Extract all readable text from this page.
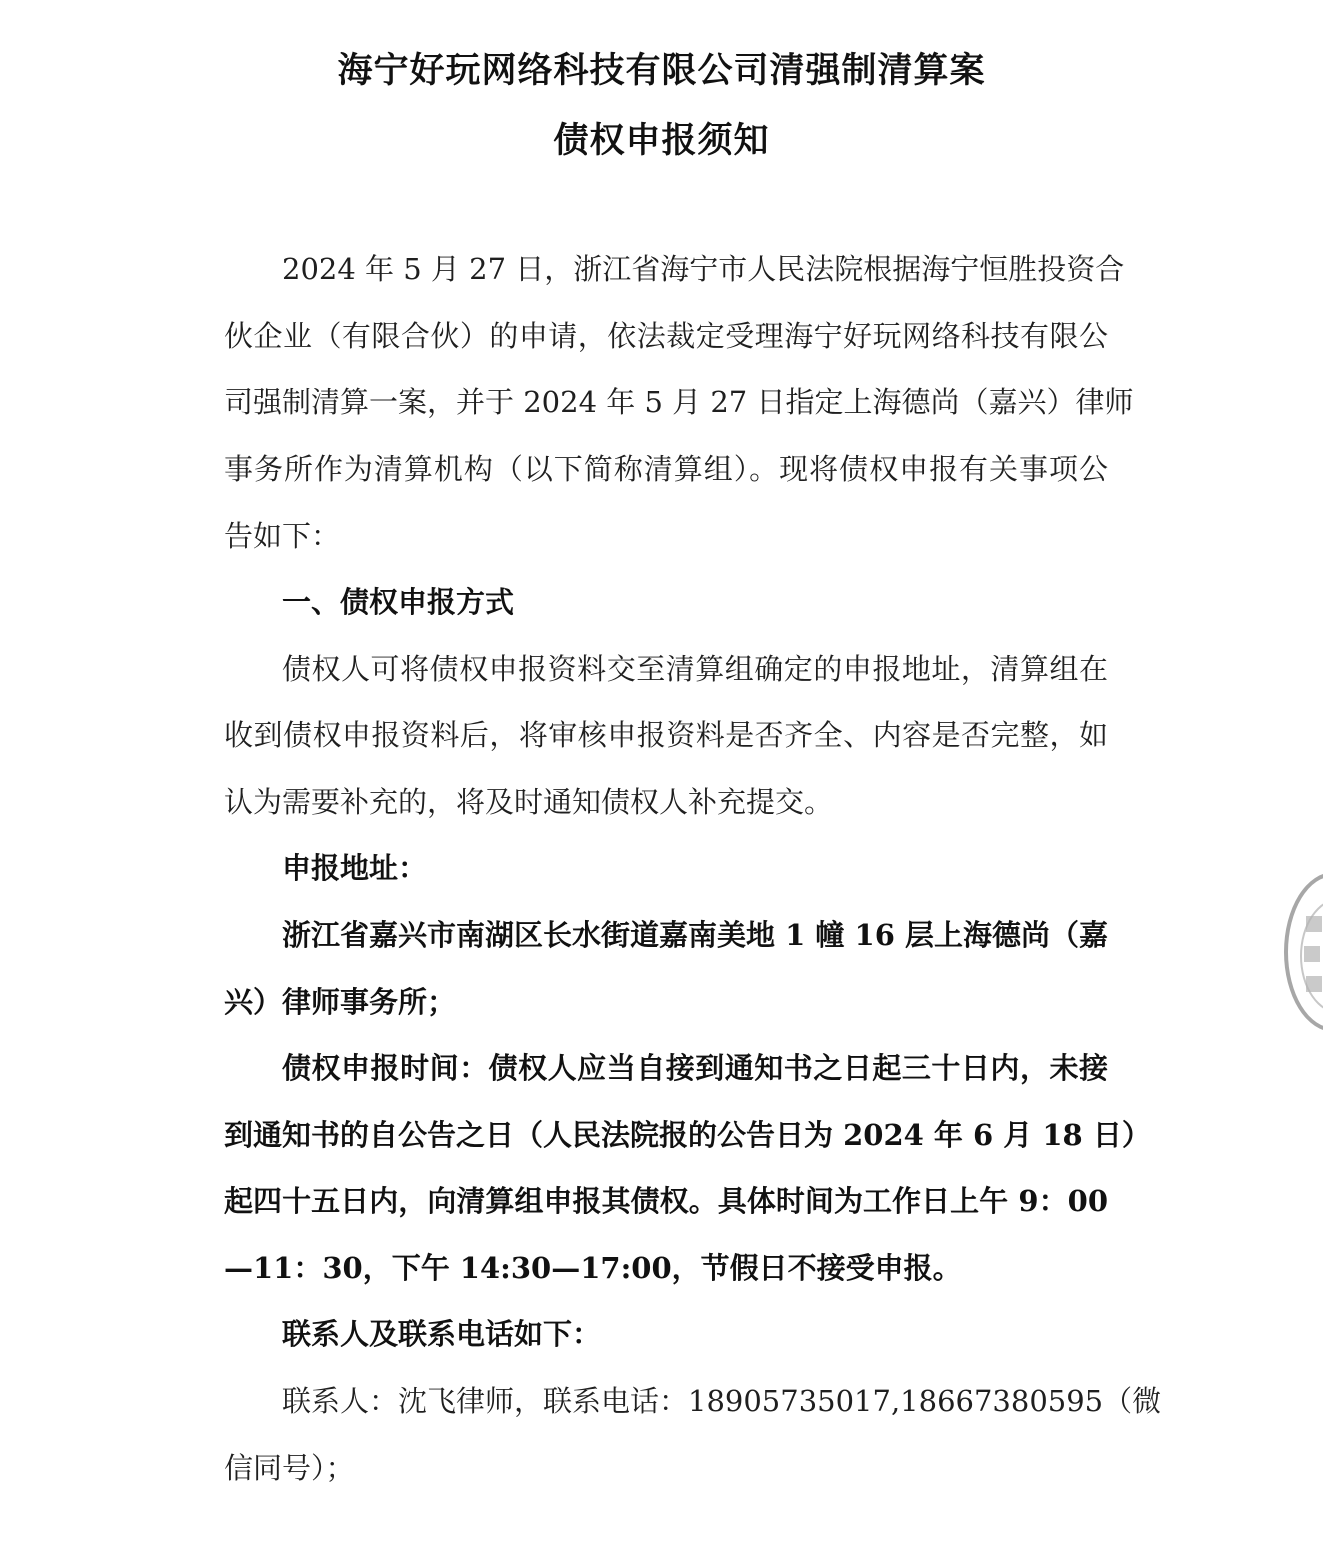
海宁好玩网络科技有限公司清强制清算案
债权申报须知
2024 年 5 月 27 日，浙江省海宁市人民法院根据海宁恒胜投资合
伙企业（有限合伙）的申请，依法裁定受理海宁好玩网络科技有限公
司强制清算一案，并于 2024 年 5 月 27 日指定上海德尚（嘉兴）律师
事务所作为清算机构（以下简称清算组）。现将债权申报有关事项公
告如下：
一、债权申报方式
债权人可将债权申报资料交至清算组确定的申报地址，清算组在
收到债权申报资料后，将审核申报资料是否齐全、内容是否完整，如
认为需要补充的，将及时通知债权人补充提交。
申报地址：
浙江省嘉兴市南湖区长水街道嘉南美地 1 幢 16 层上海德尚（嘉
兴）律师事务所；
债权申报时间：债权人应当自接到通知书之日起三十日内，未接
到通知书的自公告之日（人民法院报的公告日为 2024 年 6 月 18 日）
起四十五日内，向清算组申报其债权。具体时间为工作日上午 9：00
—11：30，下午 14:30—17:00，节假日不接受申报。
联系人及联系电话如下：
联系人：沈飞律师，联系电话：18905735017,18667380595（微
信同号）；
